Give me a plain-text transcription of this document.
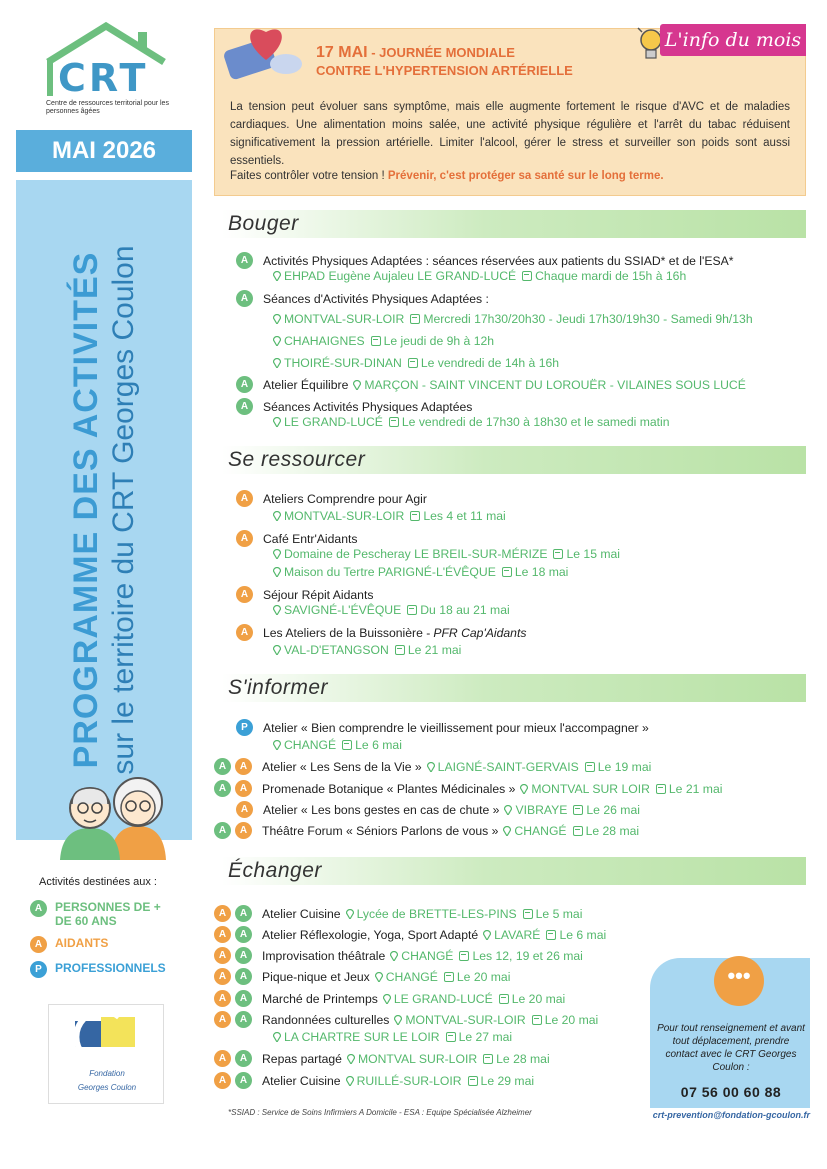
CRT
Centre de ressources territorial pour les personnes âgées
MAI 2026
PROGRAMME DES ACTIVITÉS sur le territoire du CRT Georges Coulon
Activités destinées aux :
A	PERSONNES DE + DE 60 ANS
A	AIDANTS
P	PROFESSIONNELS
Fondation
Georges Coulon
L'info du mois
17 MAI - JOURNÉE MONDIALE
CONTRE L'HYPERTENSION ARTÉRIELLE
La tension peut évoluer sans symptôme, mais elle augmente fortement le risque d'AVC et de maladies cardiaques. Une alimentation moins salée, une activité physique régulière et l'arrêt du tabac réduisent significativement la pression artérielle. Limiter l'alcool, gérer le stress et surveiller son poids sont aussi essentiels.
Faites contrôler votre tension ! Prévenir, c'est protéger sa santé sur le long terme.
Bouger
A	Activités Physiques Adaptées : séances réservées aux patients du SSIAD* et de l'ESA*
EHPAD Eugène Aujaleu LE GRAND-LUCÉ Chaque mardi de 15h à 16h
A	Séances d'Activités Physiques Adaptées :
MONTVAL-SUR-LOIR Mercredi 17h30/20h30 - Jeudi 17h30/19h30 - Samedi 9h/13h
CHAHAIGNES Le jeudi de 9h à 12h
THOIRÉ-SUR-DINAN Le vendredi de 14h à 16h
A	Atelier Équilibre MARÇON - SAINT VINCENT DU LOROUËR - VILAINES SOUS LUCÉ
A	Séances Activités Physiques Adaptées
LE GRAND-LUCÉ Le vendredi de 17h30 à 18h30 et le samedi matin
Se ressourcer
A	Ateliers Comprendre pour Agir
MONTVAL-SUR-LOIR Les 4 et 11 mai
A	Café Entr'Aidants
Domaine de Pescheray LE BREIL-SUR-MÉRIZE Le 15 mai
Maison du Tertre PARIGNÉ-L'ÉVÊQUE Le 18 mai
A	Séjour Répit Aidants
SAVIGNÉ-L'ÉVÊQUE Du 18 au 21 mai
A	Les Ateliers de la Buissonière - PFR Cap'Aidants
VAL-D'ETANGSON Le 21 mai
S'informer
P	Atelier « Bien comprendre le vieillissement pour mieux l'accompagner »
CHANGÉ Le 6 mai
A	A	Atelier « Les Sens de la Vie » LAIGNÉ-SAINT-GERVAIS Le 19 mai
A	A	Promenade Botanique « Plantes Médicinales » MONTVAL SUR LOIR Le 21 mai
A	Atelier « Les bons gestes en cas de chute » VIBRAYE Le 26 mai
A	A	Théâtre Forum « Séniors Parlons de vous » CHANGÉ Le 28 mai
Échanger
A	A	Atelier Cuisine Lycée de BRETTE-LES-PINS Le 5 mai
A	A	Atelier Réflexologie, Yoga, Sport Adapté LAVARÉ Le 6 mai
A	A	Improvisation théâtrale CHANGÉ Les 12, 19 et 26 mai
A	A	Pique-nique et Jeux CHANGÉ Le 20 mai
A	A	Marché de Printemps LE GRAND-LUCÉ Le 20 mai
A	A	Randonnées culturelles MONTVAL-SUR-LOIR Le 20 mai
LA CHARTRE SUR LE LOIR Le 27 mai
A	A	Repas partagé MONTVAL SUR-LOIR Le 28 mai
A	A	Atelier Cuisine RUILLÉ-SUR-LOIR Le 29 mai
•••
Pour tout renseignement et avant tout déplacement, prendre contact avec le CRT Georges Coulon :
07 56 00 60 88
crt-prevention@fondation-gcoulon.fr
*SSIAD : Service de Soins Infirmiers A Domicile - ESA : Equipe Spécialisée Alzheimer
